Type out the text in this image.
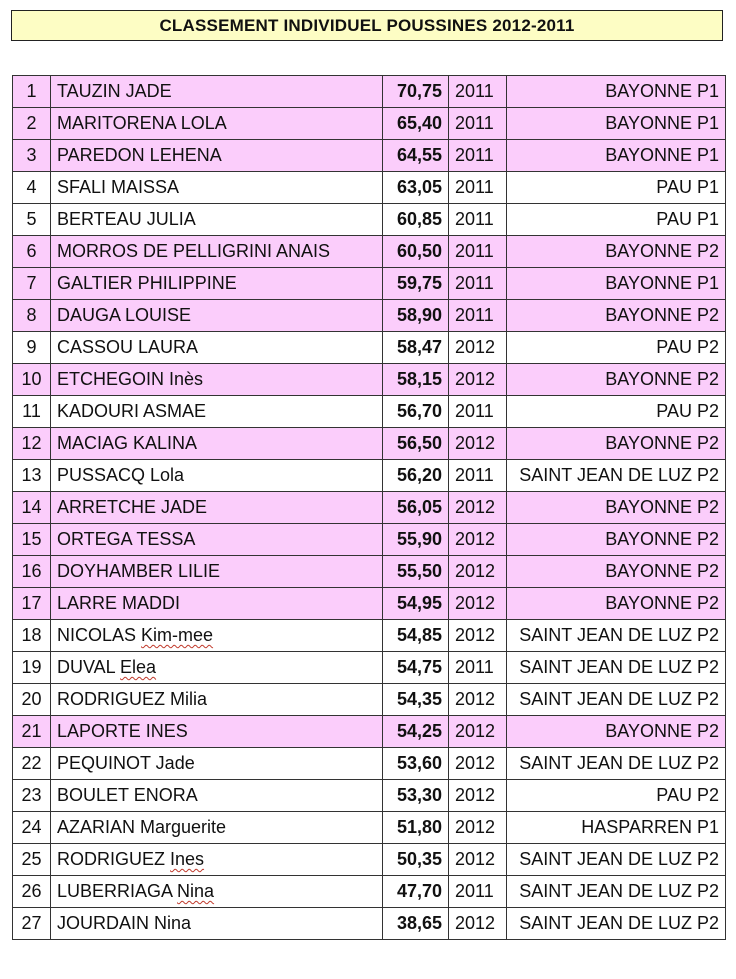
CLASSEMENT INDIVIDUEL POUSSINES 2012-2011
1	TAUZIN JADE	70,75	2011	BAYONNE P1
2	MARITORENA LOLA	65,40	2011	BAYONNE P1
3	PAREDON LEHENA	64,55	2011	BAYONNE P1
4	SFALI MAISSA	63,05	2011	PAU P1
5	BERTEAU JULIA	60,85	2011	PAU P1
6	MORROS DE PELLIGRINI ANAIS	60,50	2011	BAYONNE P2
7	GALTIER PHILIPPINE	59,75	2011	BAYONNE P1
8	DAUGA LOUISE	58,90	2011	BAYONNE P2
9	CASSOU LAURA	58,47	2012	PAU P2
10	ETCHEGOIN Inès	58,15	2012	BAYONNE P2
11	KADOURI ASMAE	56,70	2011	PAU P2
12	MACIAG KALINA	56,50	2012	BAYONNE P2
13	PUSSACQ Lola	56,20	2011	SAINT JEAN DE LUZ P2
14	ARRETCHE JADE	56,05	2012	BAYONNE P2
15	ORTEGA TESSA	55,90	2012	BAYONNE P2
16	DOYHAMBER LILIE	55,50	2012	BAYONNE P2
17	LARRE MADDI	54,95	2012	BAYONNE P2
18	NICOLAS Kim-mee	54,85	2012	SAINT JEAN DE LUZ P2
19	DUVAL Elea	54,75	2011	SAINT JEAN DE LUZ P2
20	RODRIGUEZ Milia	54,35	2012	SAINT JEAN DE LUZ P2
21	LAPORTE INES	54,25	2012	BAYONNE P2
22	PEQUINOT Jade	53,60	2012	SAINT JEAN DE LUZ P2
23	BOULET ENORA	53,30	2012	PAU P2
24	AZARIAN Marguerite	51,80	2012	HASPARREN P1
25	RODRIGUEZ Ines	50,35	2012	SAINT JEAN DE LUZ P2
26	LUBERRIAGA Nina	47,70	2011	SAINT JEAN DE LUZ P2
27	JOURDAIN Nina	38,65	2012	SAINT JEAN DE LUZ P2
